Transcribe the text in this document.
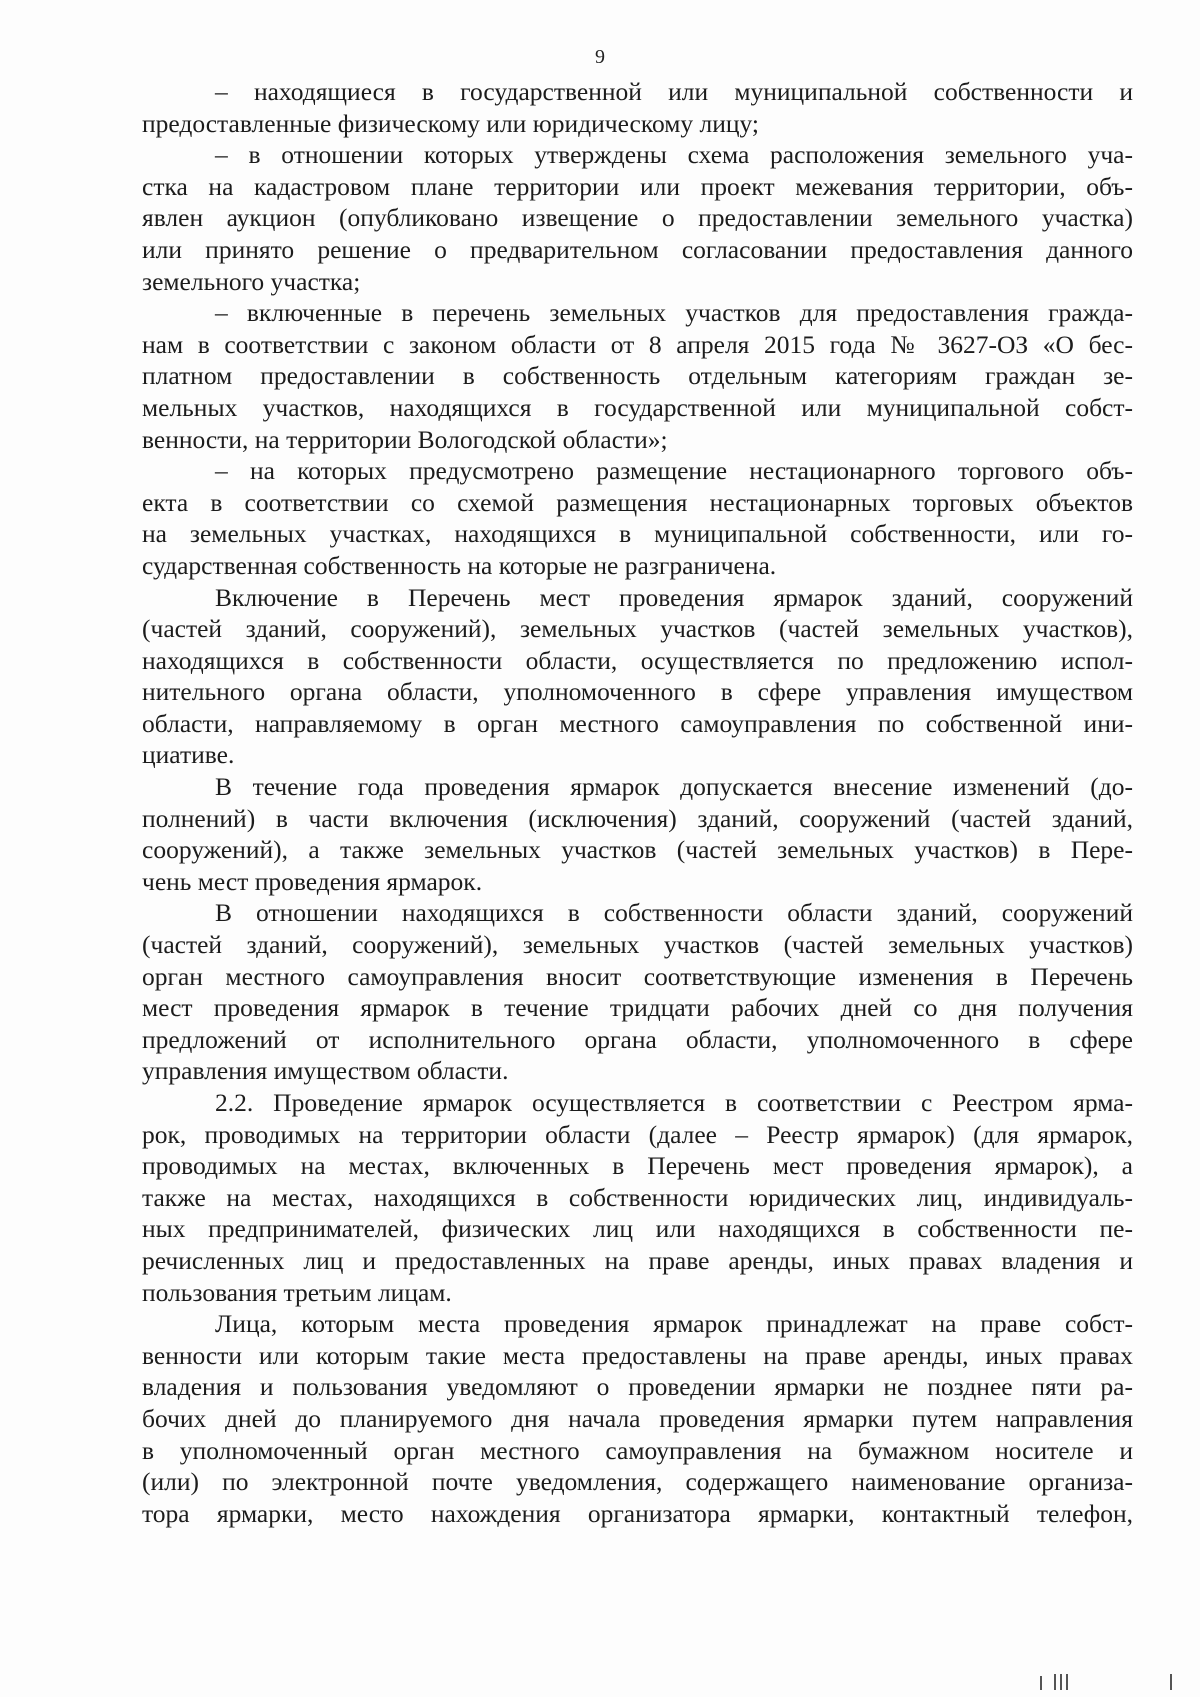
9
– находящиеся в государственной или муниципальной собственности и
предоставленные физическому или юридическому лицу;
– в отношении которых утверждены схема расположения земельного уча-
стка на кадастровом плане территории или проект межевания территории, объ-
явлен аукцион (опубликовано извещение о предоставлении земельного участка)
или принято решение о предварительном согласовании предоставления данного
земельного участка;
– включенные в перечень земельных участков для предоставления гражда-
нам в соответствии с законом области от 8 апреля 2015 года № 3627-ОЗ «О бес-
платном предоставлении в собственность отдельным категориям граждан зе-
мельных участков, находящихся в государственной или муниципальной собст-
венности, на территории Вологодской области»;
– на которых предусмотрено размещение нестационарного торгового объ-
екта в соответствии со схемой размещения нестационарных торговых объектов
на земельных участках, находящихся в муниципальной собственности, или го-
сударственная собственность на которые не разграничена.
Включение в Перечень мест проведения ярмарок зданий, сооружений
(частей зданий, сооружений), земельных участков (частей земельных участков),
находящихся в собственности области, осуществляется по предложению испол-
нительного органа области, уполномоченного в сфере управления имуществом
области, направляемому в орган местного самоуправления по собственной ини-
циативе.
В течение года проведения ярмарок допускается внесение изменений (до-
полнений) в части включения (исключения) зданий, сооружений (частей зданий,
сооружений), а также земельных участков (частей земельных участков) в Пере-
чень мест проведения ярмарок.
В отношении находящихся в собственности области зданий, сооружений
(частей зданий, сооружений), земельных участков (частей земельных участков)
орган местного самоуправления вносит соответствующие изменения в Перечень
мест проведения ярмарок в течение тридцати рабочих дней со дня получения
предложений от исполнительного органа области, уполномоченного в сфере
управления имуществом области.
2.2. Проведение ярмарок осуществляется в соответствии с Реестром ярма-
рок, проводимых на территории области (далее – Реестр ярмарок) (для ярмарок,
проводимых на местах, включенных в Перечень мест проведения ярмарок), а
также на местах, находящихся в собственности юридических лиц, индивидуаль-
ных предпринимателей, физических лиц или находящихся в собственности пе-
речисленных лиц и предоставленных на праве аренды, иных правах владения и
пользования третьим лицам.
Лица, которым места проведения ярмарок принадлежат на праве собст-
венности или которым такие места предоставлены на праве аренды, иных правах
владения и пользования уведомляют о проведении ярмарки не позднее пяти ра-
бочих дней до планируемого дня начала проведения ярмарки путем направления
в уполномоченный орган местного самоуправления на бумажном носителе и
(или) по электронной почте уведомления, содержащего наименование организа-
тора ярмарки, место нахождения организатора ярмарки, контактный телефон,
